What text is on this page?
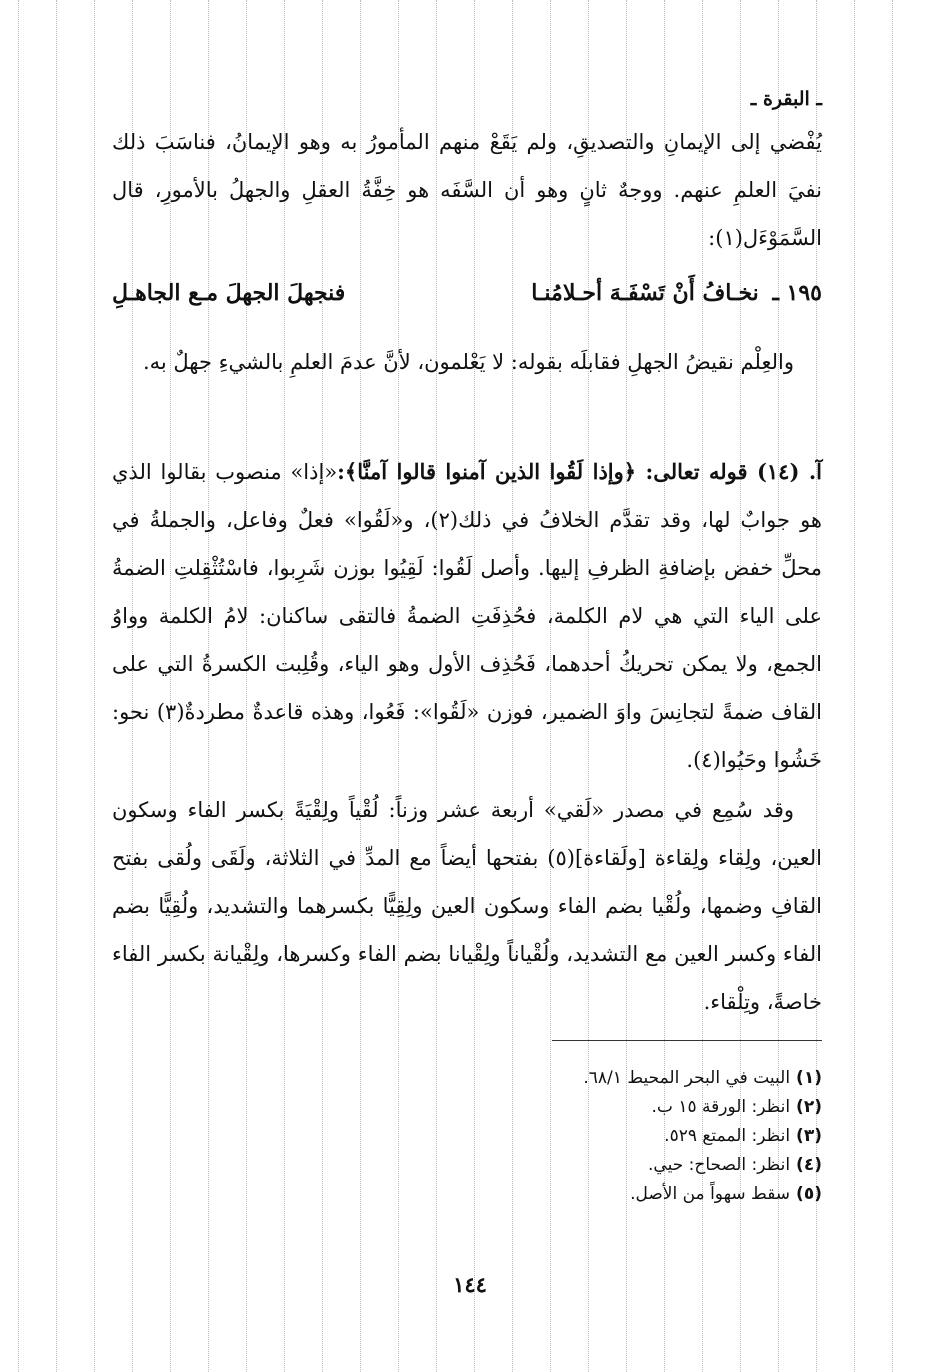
ـ البقرة ـ

يُفْضي إلى الإيمانِ والتصديقِ، ولم يَقَعْ منهم المأمورُ به وهو الإيمانُ، فناسَبَ ذلك نفيَ العلمِ عنهم. ووجهٌ ثانٍ وهو أن السَّفَه هو خِفَّةُ العقلِ والجهلُ بالأمورِ، قال السَّمَوْءَل(١):

١٩٥ ـ نخـافُ أَنْ تَسْفَـهَ أحـلامُنـا
فنجهلَ الجهلَ مـع الجاهـلِ

والعِلْم نقيضُ الجهلِ فقابلَه بقوله: لا يَعْلمون، لأنَّ عدمَ العلمِ بالشيءِ جهلٌ به.

آ. (١٤) قوله تعالى: ﴿وإذا لَقُوا الذين آمنوا قالوا آمنَّا﴾:«إذا» منصوب بقالوا الذي هو جوابٌ لها، وقد تقدَّم الخلافُ في ذلك(٢)، و«لَقُوا» فعلٌ وفاعل، والجملةُ في محلِّ خفض بإضافةِ الظرفِ إليها. وأصل لَقُوا: لَقِيُوا بوزن شَرِبوا، فاسْتُثْقِلتِ الضمةُ على الياء التي هي لام الكلمة، فحُذِفَتِ الضمةُ فالتقى ساكنان: لامُ الكلمة وواوُ الجمع، ولا يمكن تحريكُ أحدهما، فَحُذِف الأول وهو الياء، وقُلِبت الكسرةُ التي على القاف ضمةً لتجانِسَ واوَ الضمير، فوزن «لَقُوا»: فَعُوا، وهذه قاعدةٌ مطردةٌ(٣) نحو: خَشُوا وحَيُوا(٤).

وقد سُمِع في مصدر «لَقي» أربعة عشر وزناً: لُقْياً ولِقْيَةً بكسر الفاء وسكون العين، ولِقاء ولِقاءة [ولَقاءة](٥) بفتحها أيضاً مع المدِّ في الثلاثة، ولَقَى ولُقى بفتح القافِ وضمها، ولُقْيا بضم الفاء وسكون العين ولِقِيًّا بكسرهما والتشديد، ولُقِيًّا بضم الفاء وكسر العين مع التشديد، ولُقْياناً ولِقْيانا بضم الفاء وكسرها، ولِقْيانة بكسر الفاء خاصةً، وتِلْقاء.

(١)البيت في البحر المحيط ٦٨/١.
(٢)انظر: الورقة ١٥ ب.
(٣)انظر: الممتع ٥٢٩.
(٤)انظر: الصحاح: حيي.
(٥)سقط سهواً من الأصل.
١٤٤
